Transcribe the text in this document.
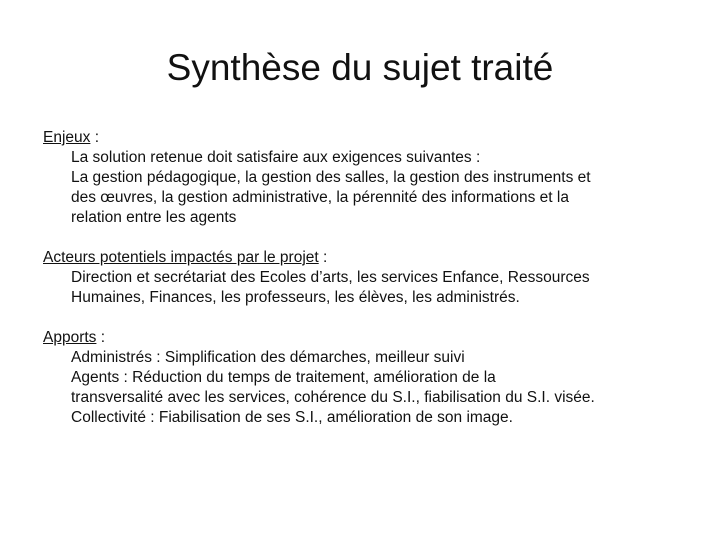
Synthèse du sujet traité
Enjeux :
La solution retenue doit satisfaire aux exigences suivantes :
La gestion pédagogique, la gestion des salles, la gestion des instruments et
des œuvres, la gestion administrative, la pérennité des informations et la
relation entre les agents
Acteurs potentiels impactés par le projet :
Direction et secrétariat des Ecoles d’arts, les services Enfance, Ressources
Humaines, Finances, les professeurs, les élèves, les administrés.
Apports :
Administrés : Simplification des démarches, meilleur suivi
Agents : Réduction du temps de traitement, amélioration de la
transversalité avec les services, cohérence du S.I., fiabilisation du S.I. visée.
Collectivité : Fiabilisation de ses S.I., amélioration de son image.
